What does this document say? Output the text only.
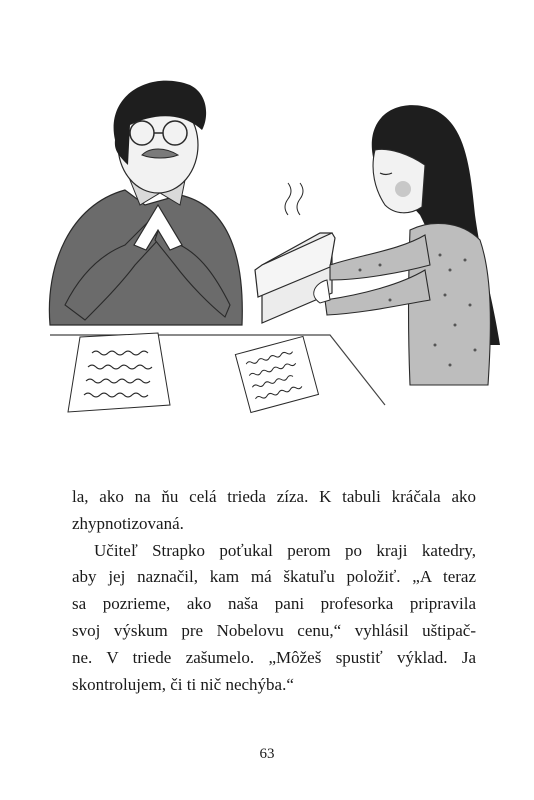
la, ako na ňu celá trieda zíza. K tabuli kráčala ako
zhypnotizovaná.

Učiteľ Strapko poťukal perom po kraji katedry,
aby jej naznačil, kam má škatuľu položiť. „A teraz
sa pozrieme, ako naša pani profesorka pripravila
svoj výskum pre Nobelovu cenu,“ vyhlásil uštipač-
ne. V triede zašumelo. „Môžeš spustiť výklad. Ja
skontrolujem, či ti nič nechýba.“

63
